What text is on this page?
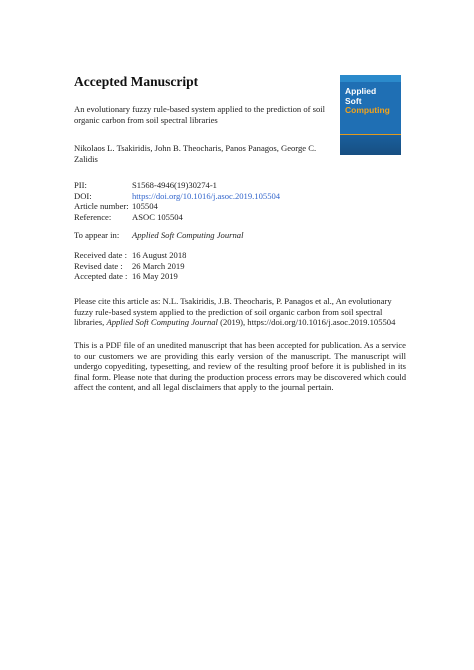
Accepted Manuscript
An evolutionary fuzzy rule-based system applied to the prediction of soil organic carbon from soil spectral libraries
Nikolaos L. Tsakiridis, John B. Theocharis, Panos Panagos, George C. Zalidis
Applied
Soft
Computing
PII:	S1568-4946(19)30274-1
DOI:	https://doi.org/10.1016/j.asoc.2019.105504
Article number: 105504
Reference: ASOC 105504
To appear in: Applied Soft Computing Journal
Received date : 16 August 2018
Revised date : 26 March 2019
Accepted date : 16 May 2019
Please cite this article as: N.L. Tsakiridis, J.B. Theocharis, P. Panagos et al., An evolutionary fuzzy rule-based system applied to the prediction of soil organic carbon from soil spectral libraries, Applied Soft Computing Journal (2019), https://doi.org/10.1016/j.asoc.2019.105504
This is a PDF file of an unedited manuscript that has been accepted for publication. As a service to our customers we are providing this early version of the manuscript. The manuscript will undergo copyediting, typesetting, and review of the resulting proof before it is published in its final form. Please note that during the production process errors may be discovered which could affect the content, and all legal disclaimers that apply to the journal pertain.
